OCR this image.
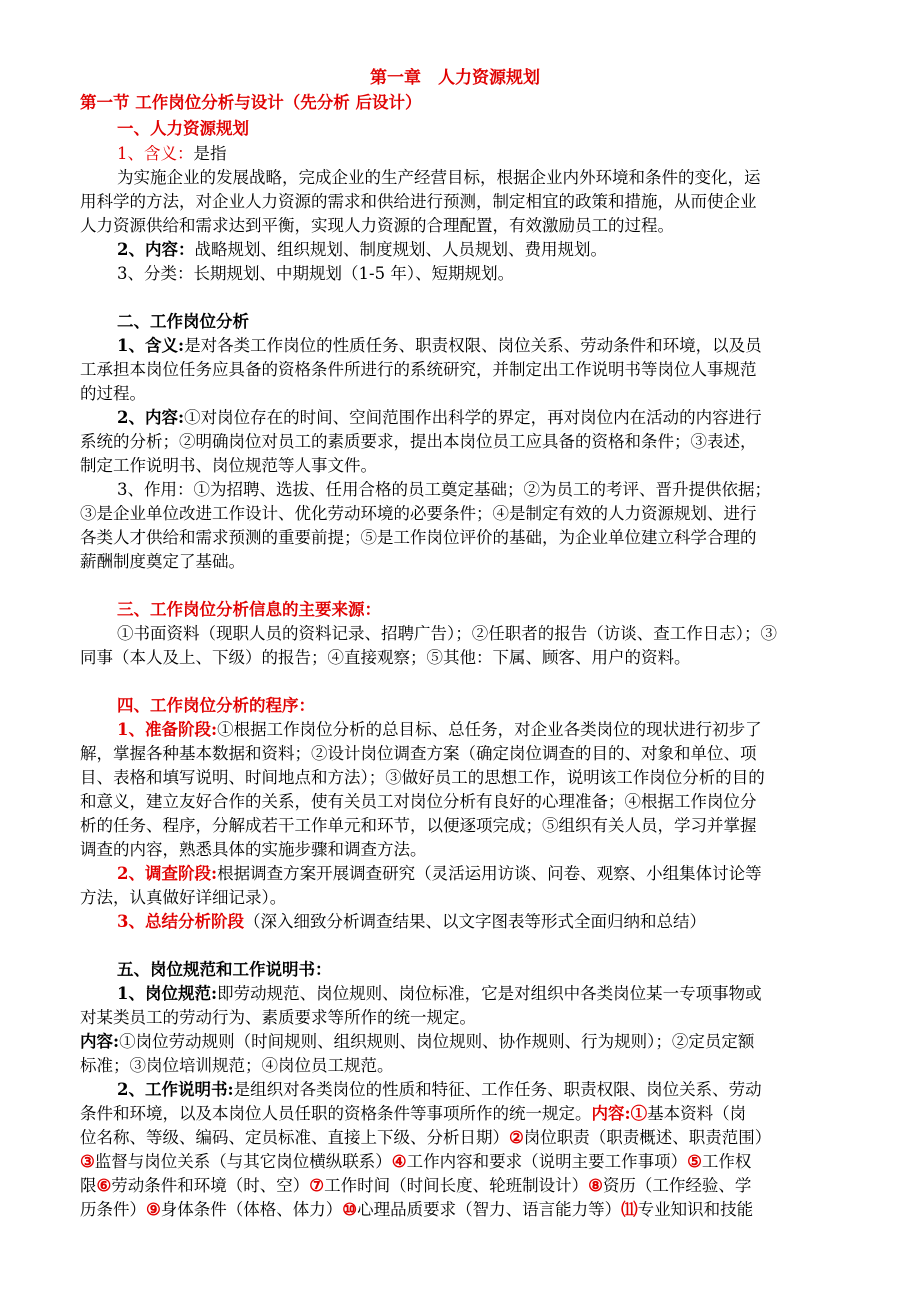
第一章　人力资源规划
第一节 工作岗位分析与设计（先分析 后设计）
一、人力资源规划
1、含义：是指
为实施企业的发展战略，完成企业的生产经营目标，根据企业内外环境和条件的变化，运
用科学的方法，对企业人力资源的需求和供给进行预测，制定相宜的政策和措施，从而使企业
人力资源供给和需求达到平衡，实现人力资源的合理配置，有效激励员工的过程。
2、内容：战略规划、组织规划、制度规划、人员规划、费用规划。
3、分类：长期规划、中期规划（1-5 年）、短期规划。
二、工作岗位分析
1、含义:是对各类工作岗位的性质任务、职责权限、岗位关系、劳动条件和环境，以及员
工承担本岗位任务应具备的资格条件所进行的系统研究，并制定出工作说明书等岗位人事规范
的过程。
2、内容:①对岗位存在的时间、空间范围作出科学的界定，再对岗位内在活动的内容进行
系统的分析；②明确岗位对员工的素质要求，提出本岗位员工应具备的资格和条件；③表述，
制定工作说明书、岗位规范等人事文件。
3、作用：①为招聘、选拔、任用合格的员工奠定基础；②为员工的考评、晋升提供依据；
③是企业单位改进工作设计、优化劳动环境的必要条件；④是制定有效的人力资源规划、进行
各类人才供给和需求预测的重要前提；⑤是工作岗位评价的基础，为企业单位建立科学合理的
薪酬制度奠定了基础。
三、工作岗位分析信息的主要来源：
①书面资料（现职人员的资料记录、招聘广告）；②任职者的报告（访谈、查工作日志）；③
同事（本人及上、下级）的报告；④直接观察；⑤其他：下属、顾客、用户的资料。
四、工作岗位分析的程序：
1、准备阶段:①根据工作岗位分析的总目标、总任务，对企业各类岗位的现状进行初步了
解，掌握各种基本数据和资料；②设计岗位调查方案（确定岗位调查的目的、对象和单位、项
目、表格和填写说明、时间地点和方法）；③做好员工的思想工作，说明该工作岗位分析的目的
和意义，建立友好合作的关系，使有关员工对岗位分析有良好的心理准备；④根据工作岗位分
析的任务、程序，分解成若干工作单元和环节，以便逐项完成；⑤组织有关人员，学习并掌握
调查的内容，熟悉具体的实施步骤和调查方法。
2、调查阶段:根据调查方案开展调查研究（灵活运用访谈、问卷、观察、小组集体讨论等
方法，认真做好详细记录）。
3、总结分析阶段（深入细致分析调查结果、以文字图表等形式全面归纳和总结）
五、岗位规范和工作说明书：
1、岗位规范:即劳动规范、岗位规则、岗位标准，它是对组织中各类岗位某一专项事物或
对某类员工的劳动行为、素质要求等所作的统一规定。
内容:①岗位劳动规则（时间规则、组织规则、岗位规则、协作规则、行为规则）；②定员定额
标准；③岗位培训规范；④岗位员工规范。
2、工作说明书:是组织对各类岗位的性质和特征、工作任务、职责权限、岗位关系、劳动
条件和环境，以及本岗位人员任职的资格条件等事项所作的统一规定。内容:①基本资料（岗
位名称、等级、编码、定员标准、直接上下级、分析日期）②岗位职责（职责概述、职责范围）
③监督与岗位关系（与其它岗位横纵联系）④工作内容和要求（说明主要工作事项）⑤工作权
限⑥劳动条件和环境（时、空）⑦工作时间（时间长度、轮班制设计）⑧资历（工作经验、学
历条件）⑨身体条件（体格、体力）⑩心理品质要求（智力、语言能力等）⑾专业知识和技能
